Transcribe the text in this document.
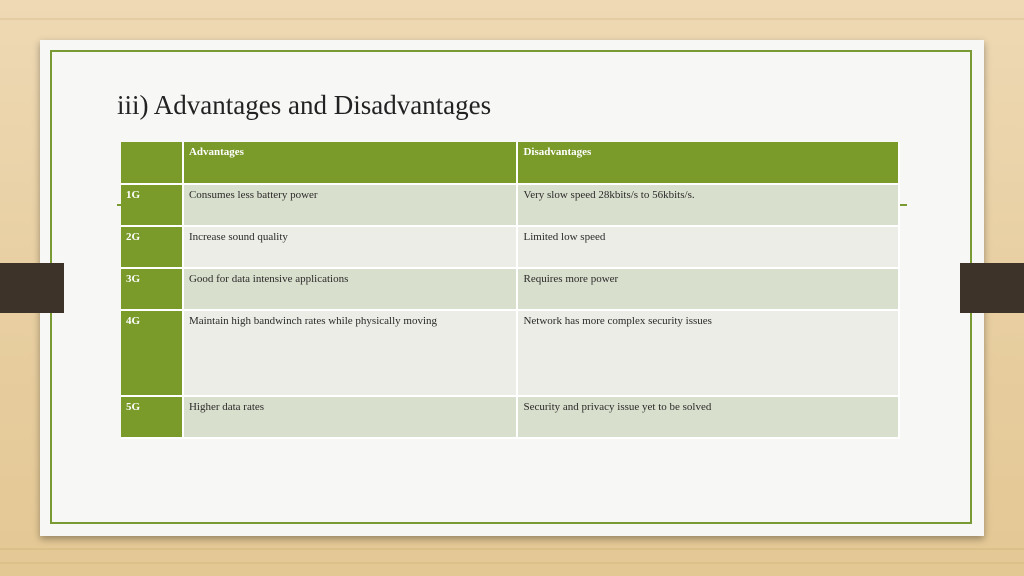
iii) Advantages and Disadvantages
	Advantages	Disadvantages
1G	Consumes less battery power	Very slow speed 28kbits/s to 56kbits/s.
2G	Increase sound quality	Limited low speed
3G	Good for data intensive applications	Requires more power
4G	Maintain high bandwinch rates while physically moving	Network has more complex security issues
5G	Higher data rates	Security and privacy issue yet to be solved
